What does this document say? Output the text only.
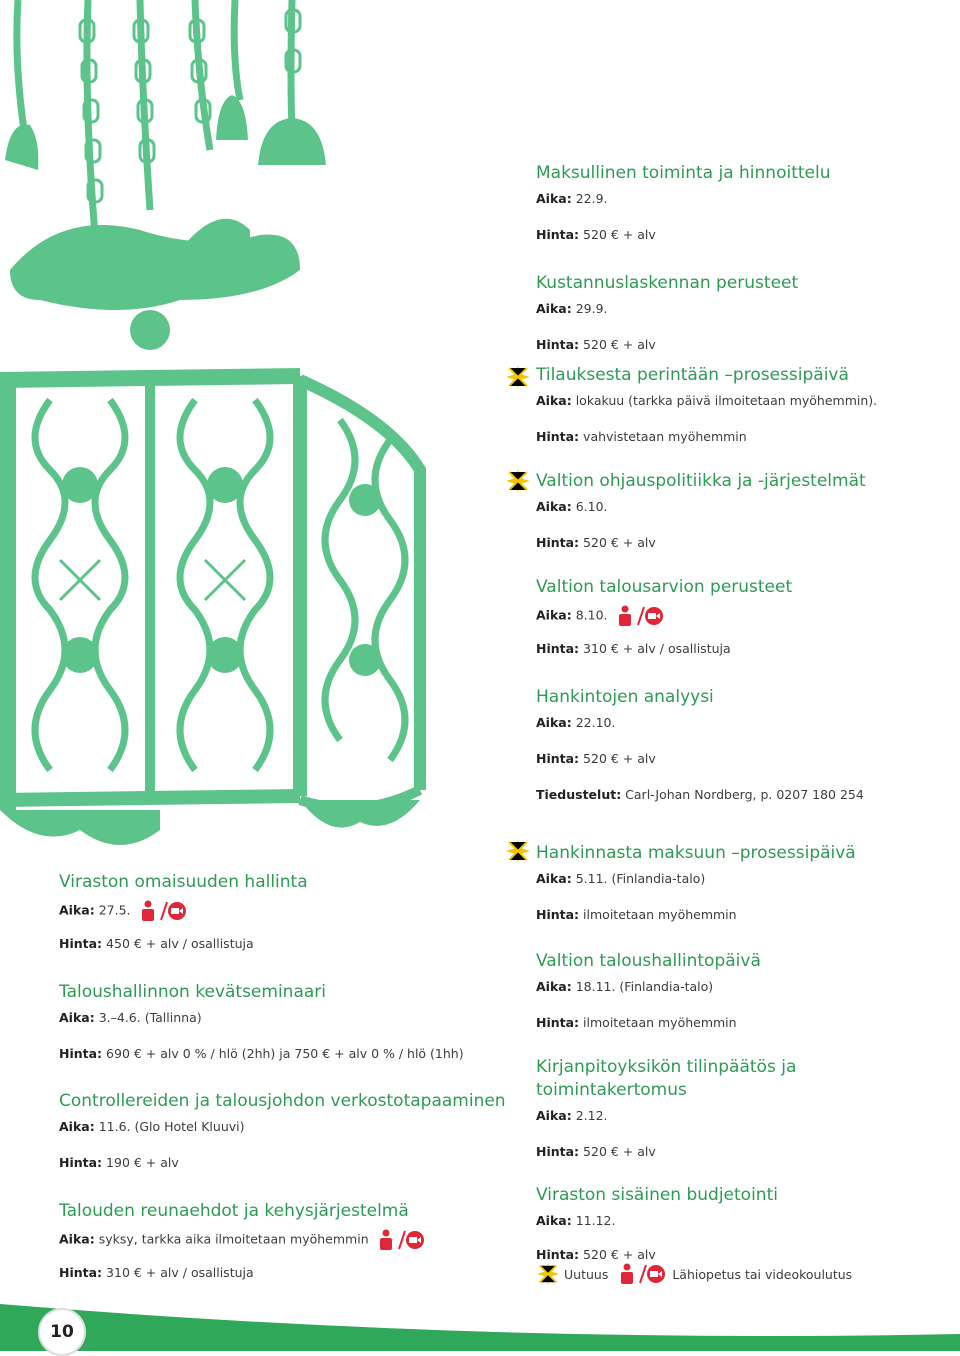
Maksullinen toiminta ja hinnoittelu

Aika: 22.9.
Hinta: 520 € + alv

Kustannuslaskennan perusteet

Aika: 29.9.
Hinta: 520 € + alv

Tilauksesta perintään –prosessipäivä

Aika: lokakuu (tarkka päivä ilmoitetaan myöhemmin).
Hinta: vahvistetaan myöhemmin

Valtion ohjauspolitiikka ja -järjestelmät

Aika: 6.10.
Hinta: 520 € + alv

Valtion talousarvion perusteet

Aika: 8.10.
Hinta: 310 € + alv / osallistuja

Hankintojen analyysi

Aika: 22.10.
Hinta: 520 € + alv
Tiedustelut: Carl-Johan Nordberg, p. 0207 180 254

Hankinnasta maksuun –prosessipäivä

Aika: 5.11. (Finlandia-talo)
Hinta: ilmoitetaan myöhemmin

Valtion taloushallintopäivä

Aika: 18.11. (Finlandia-talo)
Hinta: ilmoitetaan myöhemmin

Kirjanpitoyksikön tilinpäätös ja toimintakertomus

Aika: 2.12.
Hinta: 520 € + alv

Viraston sisäinen budjetointi

Aika: 11.12.
Hinta: 520 € + alv

Viraston omaisuuden hallinta

Aika: 27.5.
Hinta: 450 € + alv / osallistuja

Taloushallinnon kevätseminaari

Aika: 3.–4.6. (Tallinna)
Hinta: 690 € + alv 0 % / hlö (2hh) ja 750 € + alv 0 % / hlö (1hh)

Controllereiden ja talousjohdon verkostotapaaminen

Aika: 11.6. (Glo Hotel Kluuvi)
Hinta: 190 € + alv

Talouden reunaehdot ja kehysjärjestelmä

Aika: syksy, tarkka aika ilmoitetaan myöhemmin
Hinta: 310 € + alv / osallistuja	Uutuus	Lähiopetus tai videokoulutus
10
